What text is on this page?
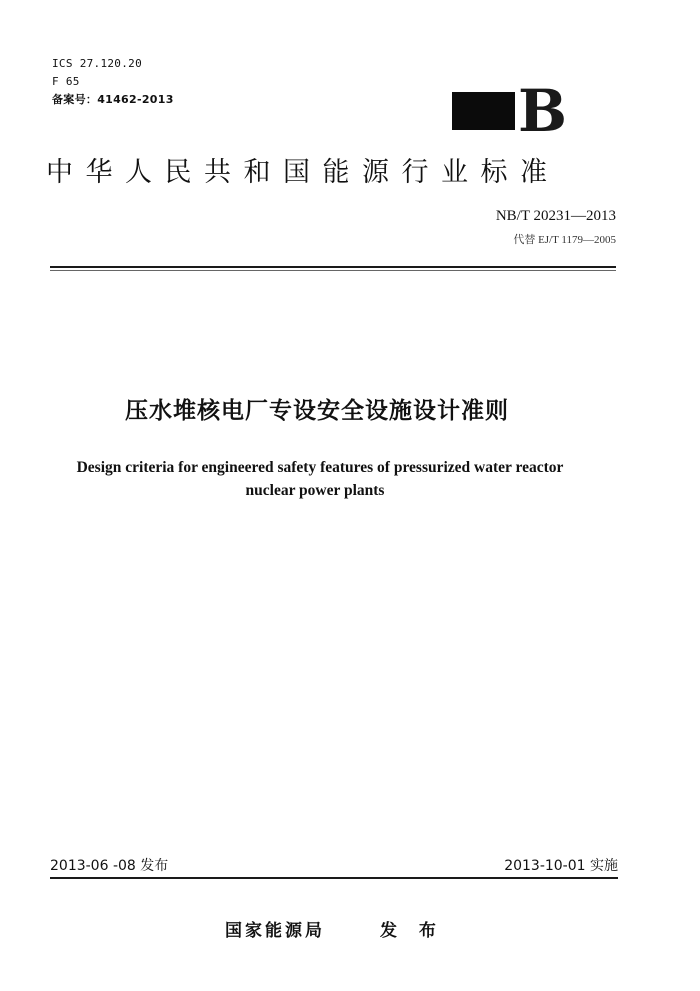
ICS 27.120.20
F 65
备案号：41462-2013	B
中华人民共和国能源行业标准
NB/T 20231—2013
代替 EJ/T 1179—2005
压水堆核电厂专设安全设施设计准则
Design criteria for engineered safety features of pressurized water reactor
nuclear power plants
2013-06 -08 发布	2013-10-01 实施
国家能源局	发 布
